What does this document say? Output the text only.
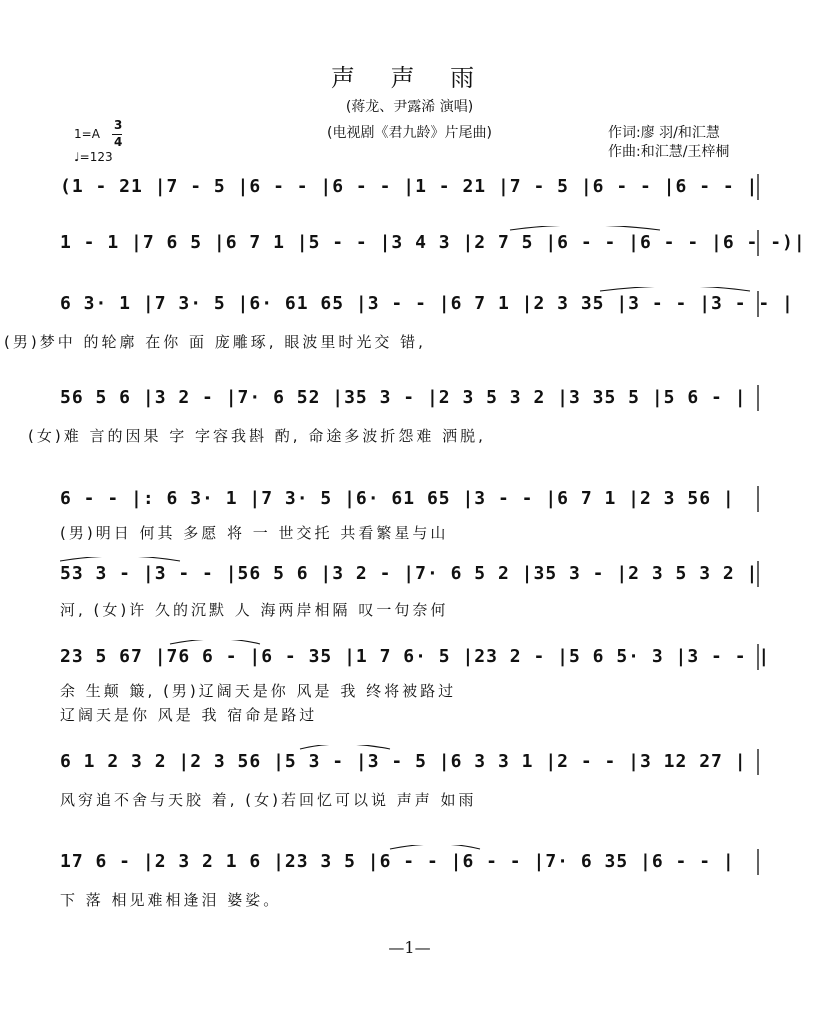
声 声 雨
(蒋龙、尹露浠 演唱)
(电视剧《君九龄》片尾曲)	作词:廖 羽/和汇慧
作曲:和汇慧/王梓桐
1=A
3
4
♩=123
(1 - 21 |7 - 5 |6 - - |6 - - |1 - 21 |7 - 5 |6 - - |6 - - |
1 - 1 |7 6 5 |6 7 1 |5 - - |3 4 3 |2 7 5 |6 - - |6 - - |6 - -)|
6 3· 1 |7 3· 5 |6· 61 65 |3 - - |6 7 1 |2 3 35 |3 - - |3 - - |
(男)梦中 的轮廓 在你 面 庞雕琢, 眼波里时光交 错,
56 5 6 |3 2 - |7· 6 52 |35 3 - |2 3 5 3 2 |3 35 5 |5 6 - |
(女)难 言的因果 字 字容我斟 酌, 命途多波折怨难 洒脱,
6 - - |: 6 3· 1 |7 3· 5 |6· 61 65 |3 - - |6 7 1 |2 3 56 |
(男)明日 何其 多愿 将 一 世交托 共看繁星与山
53 3 - |3 - - |56 5 6 |3 2 - |7· 6 5 2 |35 3 - |2 3 5 3 2 |
河, (女)许 久的沉默 人 海两岸相隔 叹一句奈何
23 5 67 |76 6 - |6 - 35 |1 7 6· 5 |23 2 - |5 6 5· 3 |3 - - |
余 生颠 簸, (男)辽阔天是你 风是 我 终将被路过
辽阔天是你 风是 我 宿命是路过
6 1 2 3 2 |2 3 56 |5 3 - |3 - 5 |6 3 3 1 |2 - - |3 12 27 |
风穷追不舍与天胶 着, (女)若回忆可以说 声声 如雨
17 6 - |2 3 2 1 6 |23 3 5 |6 - - |6 - - |7· 6 35 |6 - - |
下 落 相见难相逢泪 婆娑。
—1—
